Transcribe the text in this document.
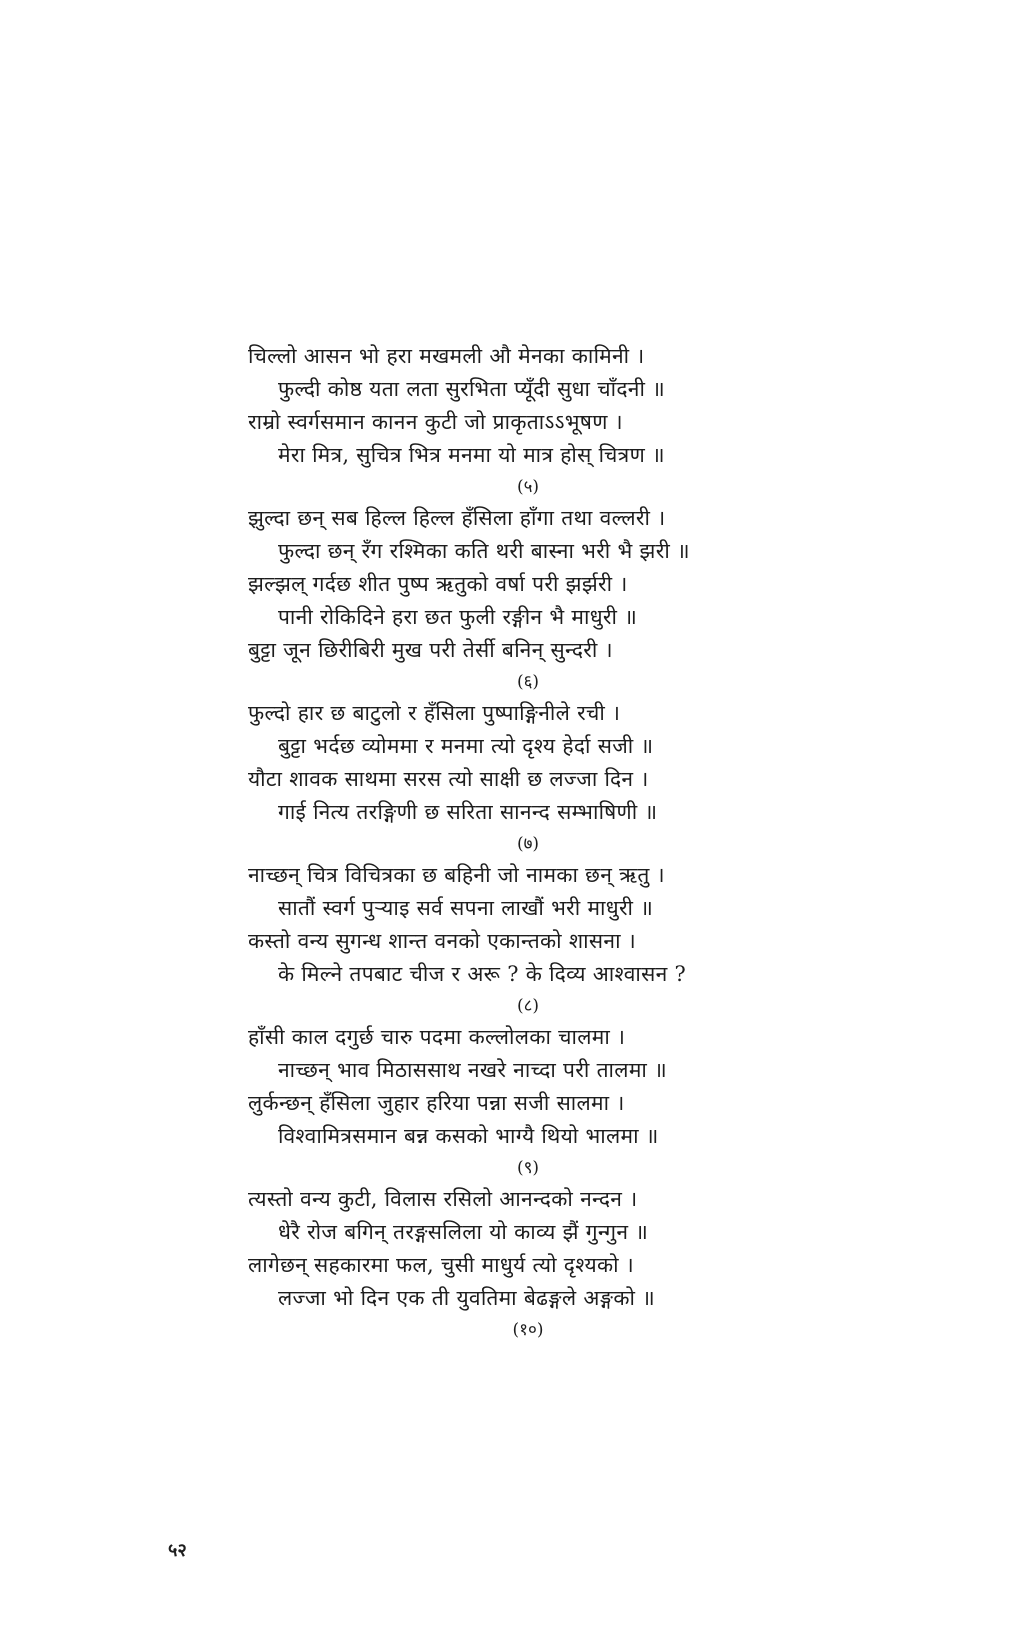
चिल्लो आसन भो हरा मखमली औ मेनका कामिनी ।
फुल्दी कोष्ठ यता लता सुरभिता प्यूँदी सुधा चाँदनी ॥
राम्रो स्वर्गसमान कानन कुटी जो प्राकृताऽऽभूषण ।
मेरा मित्र, सुचित्र भित्र मनमा यो मात्र होस् चित्रण ॥
(५)
झुल्दा छन् सब हिल्ल हिल्ल हँसिला हाँगा तथा वल्लरी ।
फुल्दा छन् रँग रश्मिका कति थरी बास्ना भरी भै झरी ॥
झल्झल् गर्दछ शीत पुष्प ऋतुको वर्षा परी झर्झरी ।
पानी रोकिदिने हरा छत फुली रङ्गीन भै माधुरी ॥
बुट्टा जून छिरीबिरी मुख परी तेर्सी बनिन् सुन्दरी ।
(६)
फुल्दो हार छ बाटुलो र हँसिला पुष्पाङ्गिनीले रची ।
बुट्टा भर्दछ व्योममा र मनमा त्यो दृश्य हेर्दा सजी ॥
यौटा शावक साथमा सरस त्यो साक्षी छ लज्जा दिन ।
गाई नित्य तरङ्गिणी छ सरिता सानन्द सम्भाषिणी ॥
(७)
नाच्छन् चित्र विचित्रका छ बहिनी जो नामका छन् ऋतु ।
सातौं स्वर्ग पुऱ्याइ सर्व सपना लाखौं भरी माधुरी ॥
कस्तो वन्य सुगन्ध शान्त वनको एकान्तको शासना ।
के मिल्ने तपबाट चीज र अरू ? के दिव्य आश्वासन ?
(८)
हाँसी काल दगुर्छ चारु पदमा कल्लोलका चालमा ।
नाच्छन् भाव मिठाससाथ नखरे नाच्दा परी तालमा ॥
लुर्कन्छन् हँसिला जुहार हरिया पन्ना सजी सालमा ।
विश्वामित्रसमान बन्न कसको भाग्यै थियो भालमा ॥
(९)
त्यस्तो वन्य कुटी, विलास रसिलो आनन्दको नन्दन ।
धेरै रोज बगिन् तरङ्गसलिला यो काव्य झैं गुन्गुन ॥
लागेछन् सहकारमा फल, चुसी माधुर्य त्यो दृश्यको ।
लज्जा भो दिन एक ती युवतिमा बेढङ्गले अङ्गको ॥
(१०)
५२
